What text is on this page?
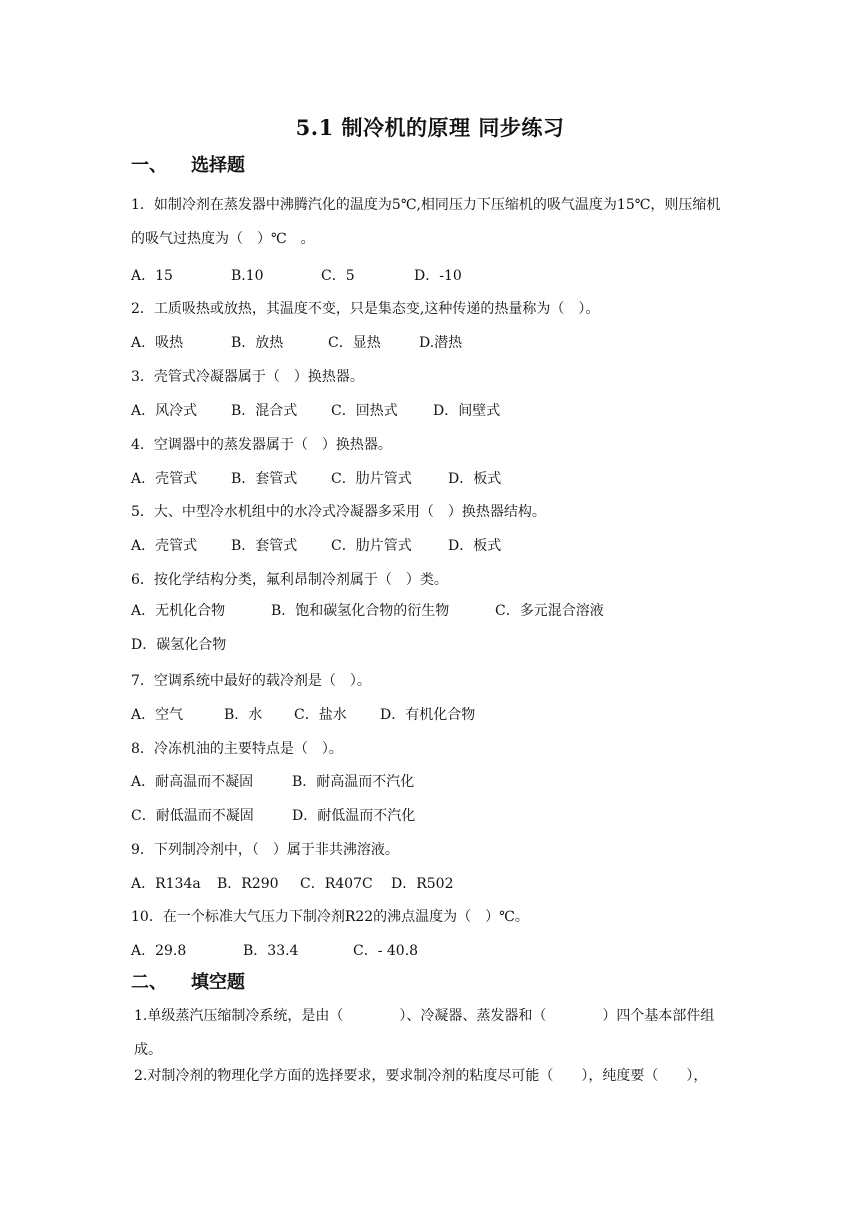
5.1 制冷机的原理 同步练习
一、 选择题
1．如制冷剂在蒸发器中沸腾汽化的温度为5℃,相同压力下压缩机的吸气温度为15℃，则压缩机的吸气过热度为（　）℃　。
A．15	B.10	C．5	D．-10
2．工质吸热或放热，其温度不变，只是集态变,这种传递的热量称为（　）。
A．吸热	B．放热	C．显热	D.潜热
3．壳管式冷凝器属于（　）换热器。
A．风冷式 B．混合式 C．回热式	D．间壁式
4．空调器中的蒸发器属于（　）换热器。
A．壳管式 B．套管式 C．肋片管式	D．板式
5．大、中型冷水机组中的水冷式冷凝器多采用（　）换热器结构。
A．壳管式 B．套管式 C．肋片管式	D．板式
6．按化学结构分类，氟利昂制冷剂属于（　）类。
A．无机化合物	B．饱和碳氢化合物的衍生物	C．多元混合溶液D．碳氢化合物
7．空调系统中最好的载冷剂是（　）。
A．空气	B．水 C．盐水 D．有机化合物
8．冷冻机油的主要特点是（　）。
A．耐高温而不凝固	B．耐高温而不汽化
C．耐低温而不凝固	D．耐低温而不汽化
9．下列制冷剂中，（　）属于非共沸溶液。
A．R134a B．R290 C．R407C D．R502
10．在一个标准大气压力下制冷剂R22的沸点温度为（　）℃。
A．29.8	B．33.4	C．- 40.8
二、 填空题
1.单级蒸汽压缩制冷系统，是由（　　　　）、冷凝器、蒸发器和（　　　　）四个基本部件组成。
2.对制冷剂的物理化学方面的选择要求，要求制冷剂的粘度尽可能（　　），纯度要（　　），
